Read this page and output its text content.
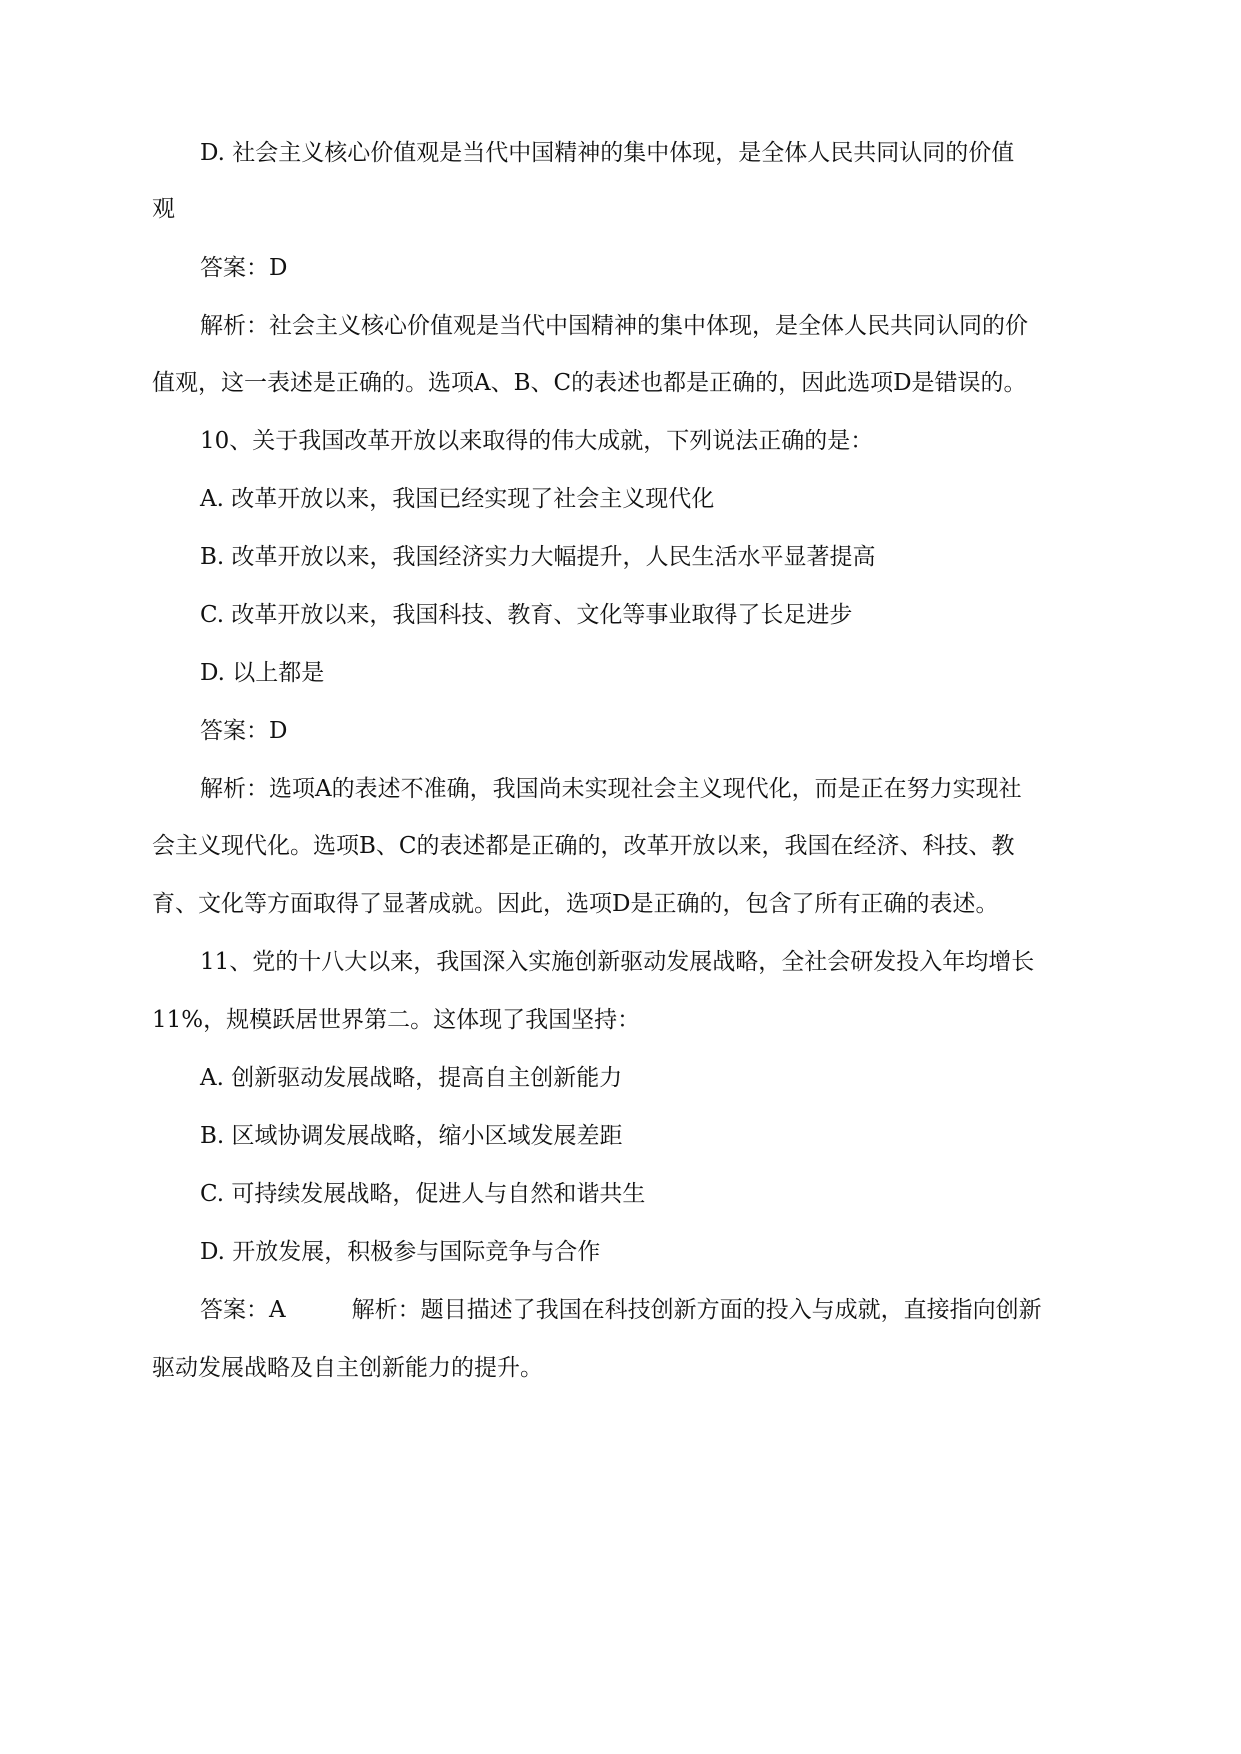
D. 社会主义核心价值观是当代中国精神的集中体现，是全体人民共同认同的价值
观
答案：D
解析：社会主义核心价值观是当代中国精神的集中体现，是全体人民共同认同的价
值观，这一表述是正确的。选项A、B、C的表述也都是正确的，因此选项D是错误的。
10、关于我国改革开放以来取得的伟大成就，下列说法正确的是：
A. 改革开放以来，我国已经实现了社会主义现代化
B. 改革开放以来，我国经济实力大幅提升，人民生活水平显著提高
C. 改革开放以来，我国科技、教育、文化等事业取得了长足进步
D. 以上都是
答案：D
解析：选项A的表述不准确，我国尚未实现社会主义现代化，而是正在努力实现社
会主义现代化。选项B、C的表述都是正确的，改革开放以来，我国在经济、科技、教
育、文化等方面取得了显著成就。因此，选项D是正确的，包含了所有正确的表述。
11、党的十八大以来，我国深入实施创新驱动发展战略，全社会研发投入年均增长
11%，规模跃居世界第二。这体现了我国坚持：
A. 创新驱动发展战略，提高自主创新能力
B. 区域协调发展战略，缩小区域发展差距
C. 可持续发展战略，促进人与自然和谐共生
D. 开放发展，积极参与国际竞争与合作
答案：A	解析：题目描述了我国在科技创新方面的投入与成就，直接指向创新
驱动发展战略及自主创新能力的提升。
